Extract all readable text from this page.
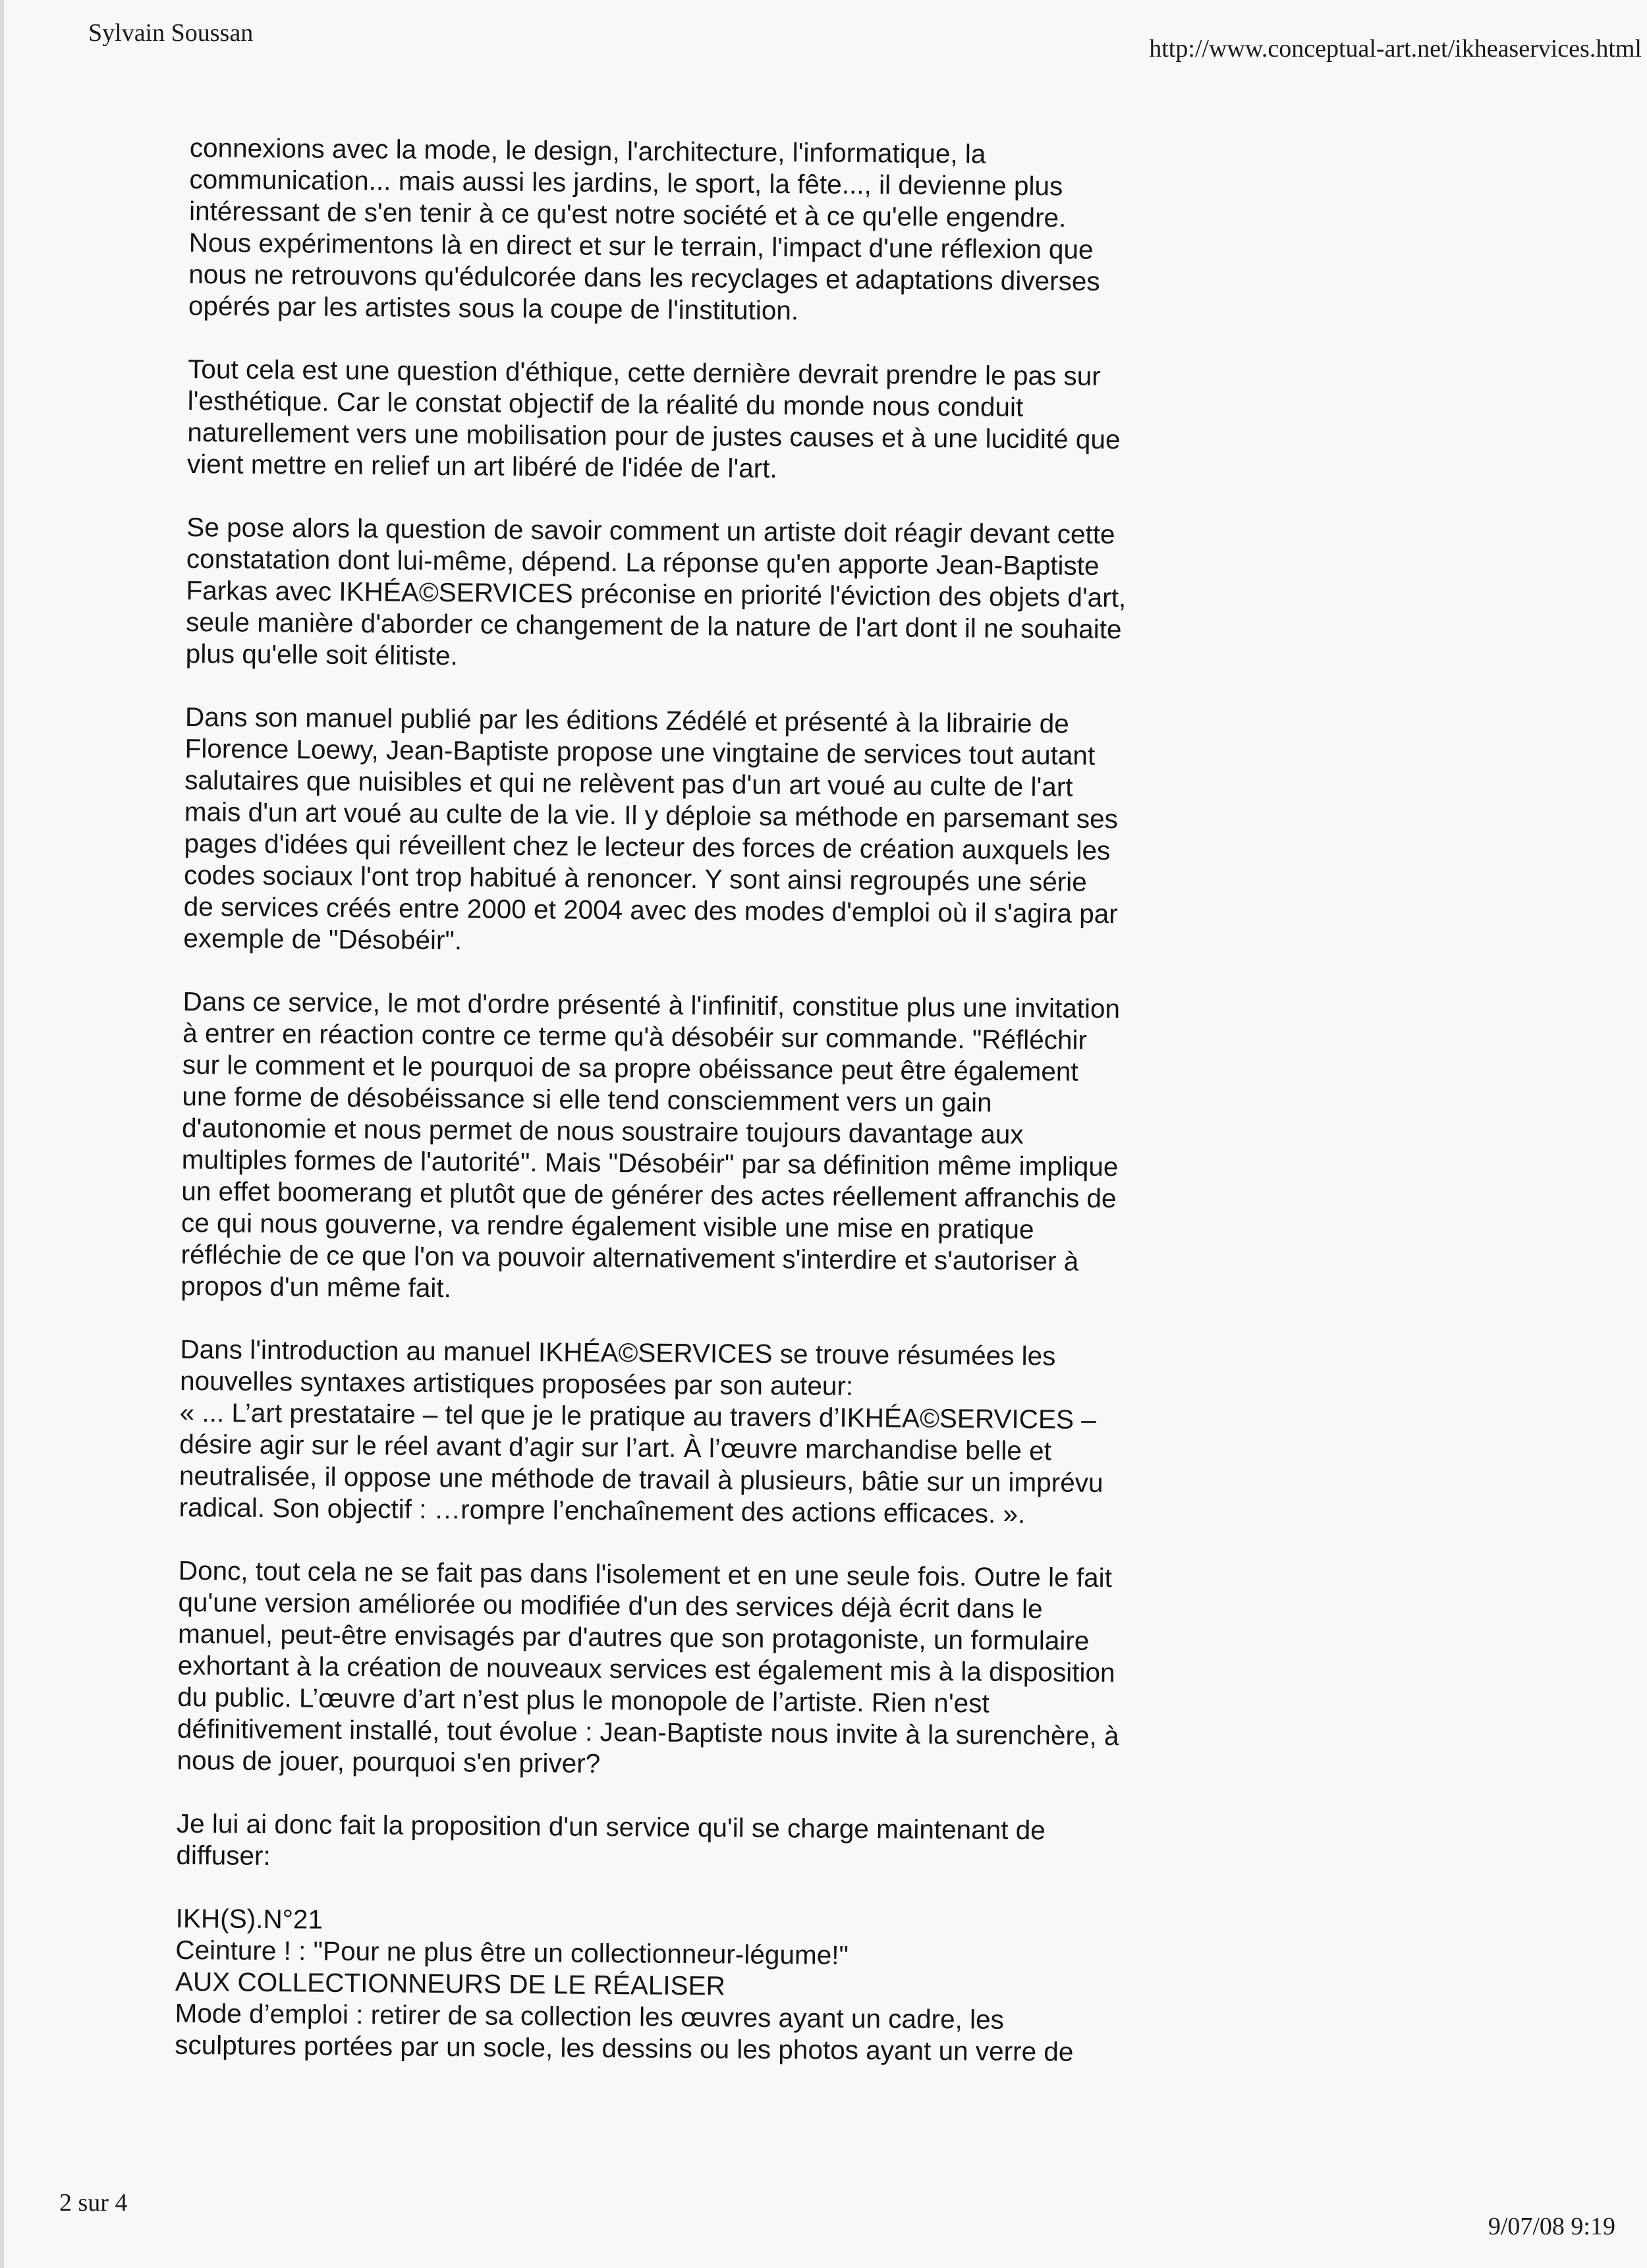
Sylvain Soussan
http://www.conceptual-art.net/ikheaservices.html
connexions avec la mode, le design, l'architecture, l'informatique, la
communication... mais aussi les jardins, le sport, la fête..., il devienne plus
intéressant de s'en tenir à ce qu'est notre société et à ce qu'elle engendre.
Nous expérimentons là en direct et sur le terrain, l'impact d'une réflexion que
nous ne retrouvons qu'édulcorée dans les recyclages et adaptations diverses
opérés par les artistes sous la coupe de l'institution.
Tout cela est une question d'éthique, cette dernière devrait prendre le pas sur
l'esthétique. Car le constat objectif de la réalité du monde nous conduit
naturellement vers une mobilisation pour de justes causes et à une lucidité que
vient mettre en relief un art libéré de l'idée de l'art.
Se pose alors la question de savoir comment un artiste doit réagir devant cette
constatation dont lui-même, dépend. La réponse qu'en apporte Jean-Baptiste
Farkas avec IKHÉA©SERVICES préconise en priorité l'éviction des objets d'art,
seule manière d'aborder ce changement de la nature de l'art dont il ne souhaite
plus qu'elle soit élitiste.
Dans son manuel publié par les éditions Zédélé et présenté à la librairie de
Florence Loewy, Jean-Baptiste propose une vingtaine de services tout autant
salutaires que nuisibles et qui ne relèvent pas d'un art voué au culte de l'art
mais d'un art voué au culte de la vie. Il y déploie sa méthode en parsemant ses
pages d'idées qui réveillent chez le lecteur des forces de création auxquels les
codes sociaux l'ont trop habitué à renoncer. Y sont ainsi regroupés une série
de services créés entre 2000 et 2004 avec des modes d'emploi où il s'agira par
exemple de "Désobéir".
Dans ce service, le mot d'ordre présenté à l'infinitif, constitue plus une invitation
à entrer en réaction contre ce terme qu'à désobéir sur commande. "Réfléchir
sur le comment et le pourquoi de sa propre obéissance peut être également
une forme de désobéissance si elle tend consciemment vers un gain
d'autonomie et nous permet de nous soustraire toujours davantage aux
multiples formes de l'autorité". Mais "Désobéir" par sa définition même implique
un effet boomerang et plutôt que de générer des actes réellement affranchis de
ce qui nous gouverne, va rendre également visible une mise en pratique
réfléchie de ce que l'on va pouvoir alternativement s'interdire et s'autoriser à
propos d'un même fait.
Dans l'introduction au manuel IKHÉA©SERVICES se trouve résumées les
nouvelles syntaxes artistiques proposées par son auteur:
« ... L’art prestataire – tel que je le pratique au travers d’IKHÉA©SERVICES –
désire agir sur le réel avant d’agir sur l’art. À l’œuvre marchandise belle et
neutralisée, il oppose une méthode de travail à plusieurs, bâtie sur un imprévu
radical. Son objectif : …rompre l’enchaînement des actions efficaces. ».
Donc, tout cela ne se fait pas dans l'isolement et en une seule fois. Outre le fait
qu'une version améliorée ou modifiée d'un des services déjà écrit dans le
manuel, peut-être envisagés par d'autres que son protagoniste, un formulaire
exhortant à la création de nouveaux services est également mis à la disposition
du public. L’œuvre d’art n’est plus le monopole de l’artiste. Rien n'est
définitivement installé, tout évolue : Jean-Baptiste nous invite à la surenchère, à
nous de jouer, pourquoi s'en priver?
Je lui ai donc fait la proposition d'un service qu'il se charge maintenant de
diffuser:
IKH(S).N°21
Ceinture ! : "Pour ne plus être un collectionneur-légume!"
AUX COLLECTIONNEURS DE LE RÉALISER
Mode d’emploi : retirer de sa collection les œuvres ayant un cadre, les
sculptures portées par un socle, les dessins ou les photos ayant un verre de
2 sur 4
9/07/08 9:19
